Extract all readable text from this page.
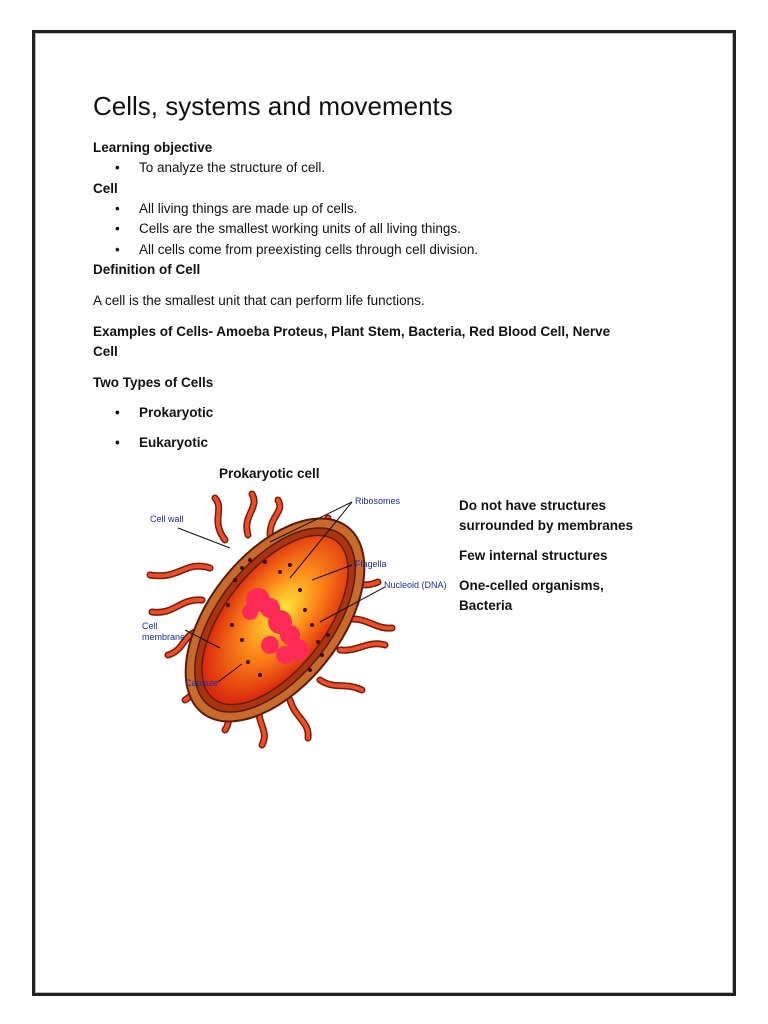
Cells, systems and movements
Learning objective
• To analyze the structure of cell.
Cell
• All living things are made up of cells.
• Cells are the smallest working units of all living things.
• All cells come from preexisting cells through cell division.
Definition of Cell
A cell is the smallest unit that can perform life functions.
Examples of Cells- Amoeba Proteus, Plant Stem, Bacteria, Red Blood Cell, Nerve
Cell
Two Types of Cells
• Prokaryotic
• Eukaryotic
Prokaryotic cell
Cell wall
Ribosomes
Flagella
Nucleoid (DNA)
Cell
membrane
Capsule
Do not have structures
surrounded by membranes
Few internal structures
One-celled organisms,
Bacteria
